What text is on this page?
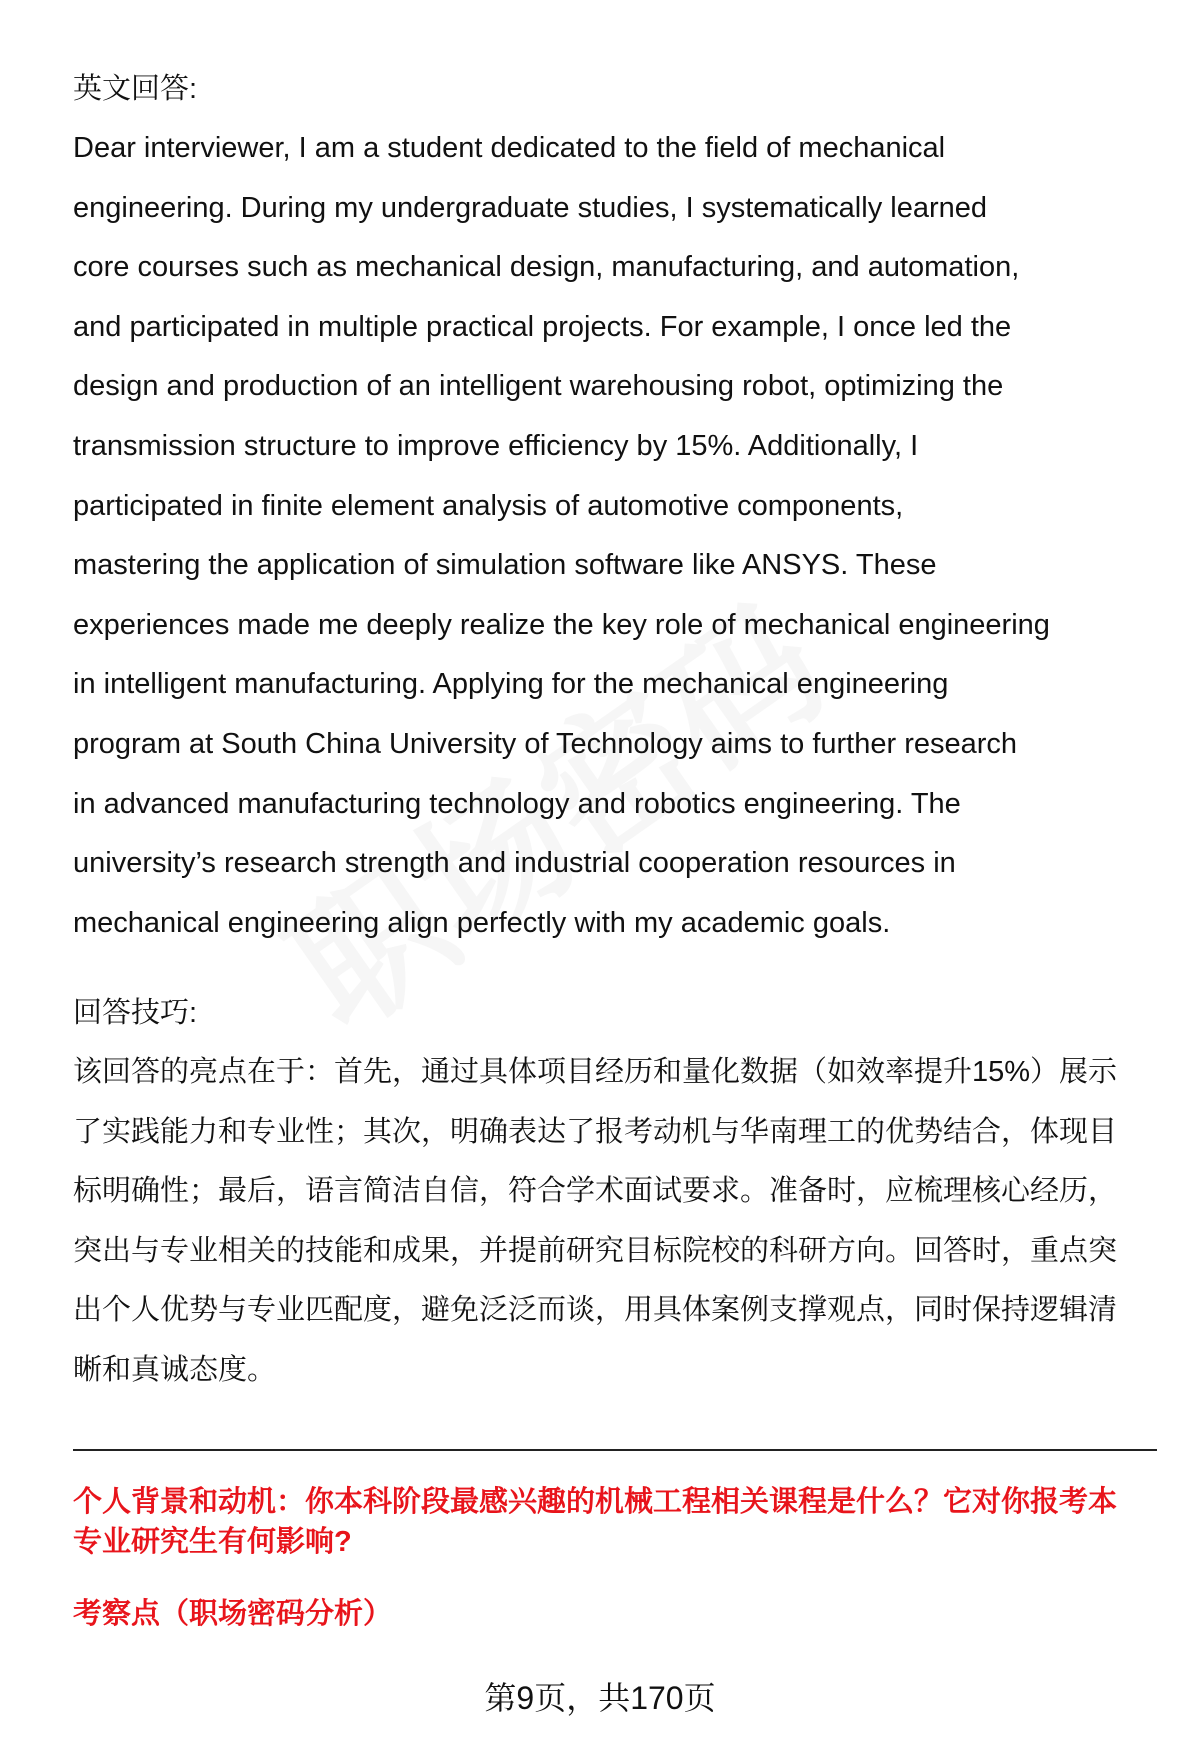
英文回答:
Dear interviewer, I am a student dedicated to the field of mechanical
engineering. During my undergraduate studies, I systematically learned
core courses such as mechanical design, manufacturing, and automation,
and participated in multiple practical projects. For example, I once led the
design and production of an intelligent warehousing robot, optimizing the
transmission structure to improve efficiency by 15%. Additionally, I
participated in finite element analysis of automotive components,
mastering the application of simulation software like ANSYS. These
experiences made me deeply realize the key role of mechanical engineering
in intelligent manufacturing. Applying for the mechanical engineering
program at South China University of Technology aims to further research
in advanced manufacturing technology and robotics engineering. The
university’s research strength and industrial cooperation resources in
mechanical engineering align perfectly with my academic goals.
回答技巧:
该回答的亮点在于：首先，通过具体项目经历和量化数据（如效率提升15%）展示
了实践能力和专业性；其次，明确表达了报考动机与华南理工的优势结合，体现目
标明确性；最后，语言简洁自信，符合学术面试要求。准备时，应梳理核心经历，
突出与专业相关的技能和成果，并提前研究目标院校的科研方向。回答时，重点突
出个人优势与专业匹配度，避免泛泛而谈，用具体案例支撑观点，同时保持逻辑清
晰和真诚态度。
个人背景和动机：你本科阶段最感兴趣的机械工程相关课程是什么？它对你报考本
专业研究生有何影响?
考察点（职场密码分析）
第9页，共170页
